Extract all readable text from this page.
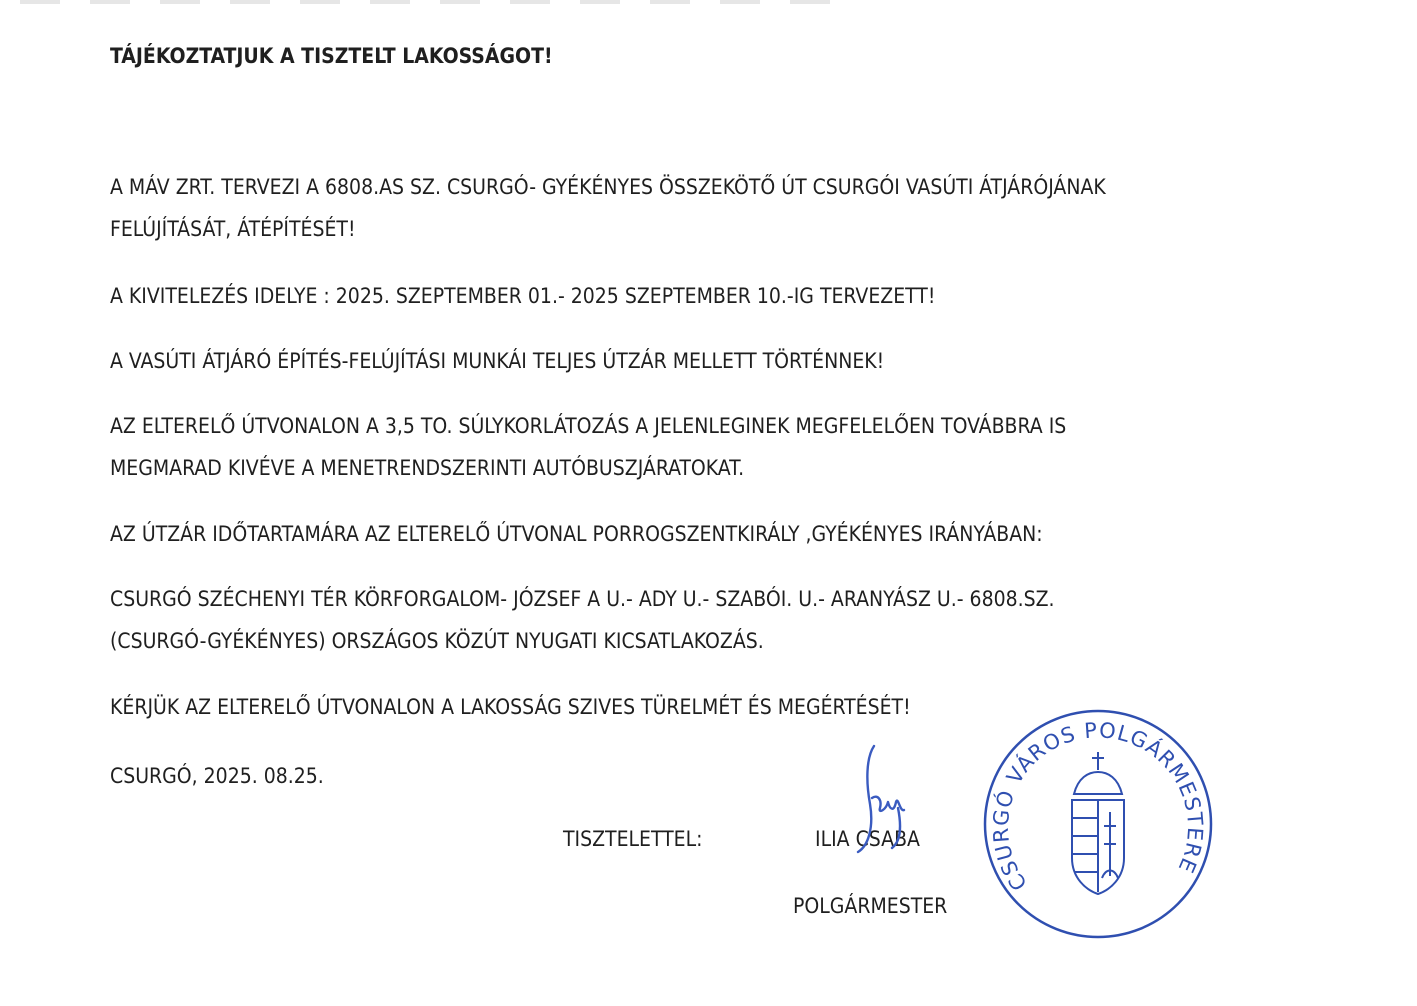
TÁJÉKOZTATJUK A TISZTELT LAKOSSÁGOT!

A MÁV ZRT. TERVEZI A 6808.AS SZ. CSURGÓ- GYÉKÉNYES ÖSSZEKÖTŐ ÚT CSURGÓI VASÚTI ÁTJÁRÓJÁNAK

FELÚJÍTÁSÁT, ÁTÉPÍTÉSÉT!

A KIVITELEZÉS IDELYE : 2025. SZEPTEMBER 01.- 2025 SZEPTEMBER 10.-IG TERVEZETT!

A VASÚTI ÁTJÁRÓ ÉPÍTÉS-FELÚJÍTÁSI MUNKÁI TELJES ÚTZÁR MELLETT TÖRTÉNNEK!

AZ ELTERELŐ ÚTVONALON A 3,5 TO. SÚLYKORLÁTOZÁS A JELENLEGINEK MEGFELELŐEN TOVÁBBRA IS

MEGMARAD KIVÉVE A MENETRENDSZERINTI AUTÓBUSZJÁRATOKAT.

AZ ÚTZÁR IDŐTARTAMÁRA AZ ELTERELŐ ÚTVONAL PORROGSZENTKIRÁLY ,GYÉKÉNYES IRÁNYÁBAN:

CSURGÓ SZÉCHENYI TÉR KÖRFORGALOM- JÓZSEF A U.- ADY U.- SZABÓI. U.- ARANYÁSZ U.- 6808.SZ.

(CSURGÓ-GYÉKÉNYES) ORSZÁGOS KÖZÚT NYUGATI KICSATLAKOZÁS.

KÉRJÜK AZ ELTERELŐ ÚTVONALON A LAKOSSÁG SZIVES TÜRELMÉT ÉS MEGÉRTÉSÉT!

CSURGÓ, 2025. 08.25.

TISZTELETTEL:	ILIA CSABA

POLGÁRMESTER

CSURGÓ VÁROS POLGÁRMESTERE
